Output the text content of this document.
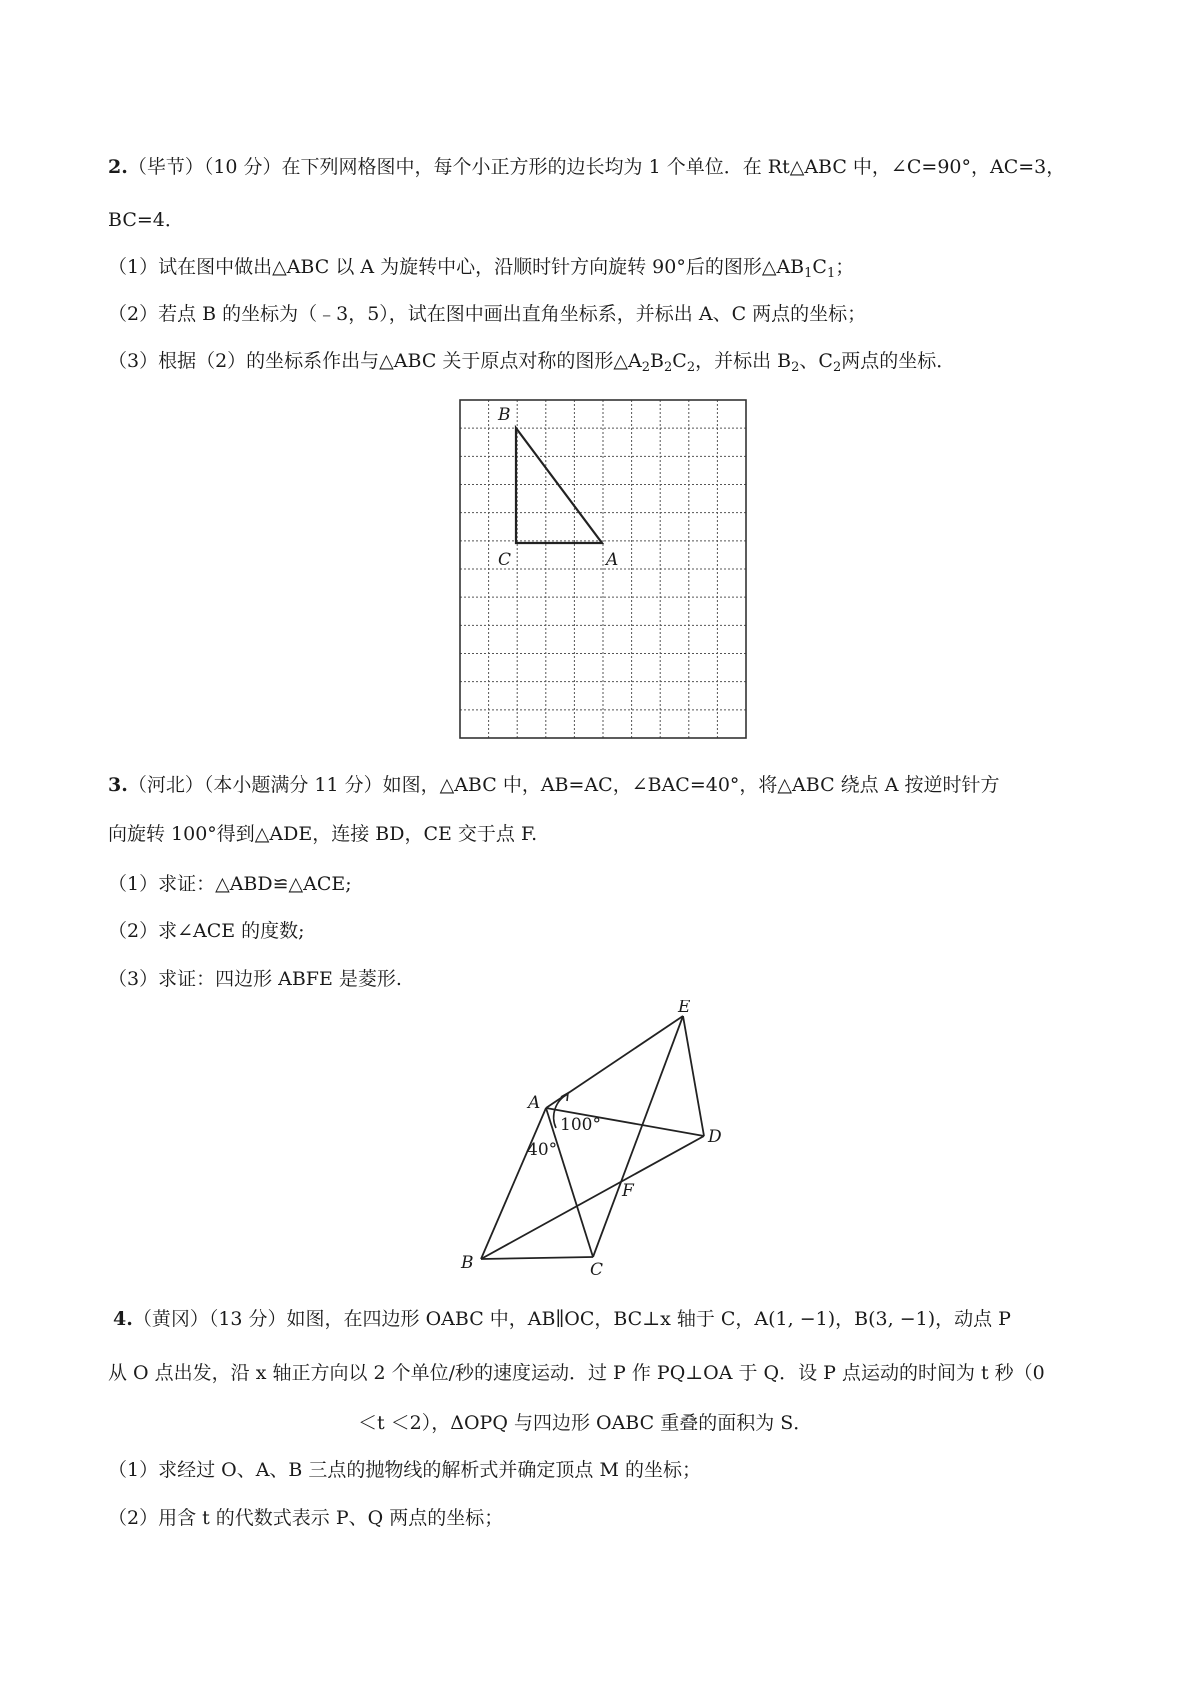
2.（毕节）（10 分）在下列网格图中，每个小正方形的边长均为 1 个单位．在 Rt△ABC 中，∠C=90°，AC=3，
BC=4．
（1）试在图中做出△ABC 以 A 为旋转中心，沿顺时针方向旋转 90°后的图形$\triangle AB_1C_1$；
（2）若点 B 的坐标为（﹣3，5），试在图中画出直角坐标系，并标出 A、C 两点的坐标；
（3）根据（2）的坐标系作出与△ABC 关于原点对称的图形$\triangle A_2B_2C_2$，并标出 $B_2$、$C_2$两点的坐标．
B
C	A
3.（河北）（本小题满分 11 分）如图，△ABC 中，AB=AC，∠BAC=40°，将△ABC 绕点 A 按逆时针方
向旋转 100°得到△ADE，连接 BD，CE 交于点 F.
（1）求证：△ABD≌△ACE;
（2）求∠ACE 的度数;
（3）求证：四边形 ABFE 是菱形.
E
A
D
F
B	C
100°
40°
4.（黄冈）（13 分）如图，在四边形 OABC 中，AB∥OC，BC⊥x 轴于 C，A(1, −1)，B(3, −1)，动点 P
从 O 点出发，沿 x 轴正方向以 2 个单位/秒的速度运动．过 P 作 PQ⊥OA 于 Q．设 P 点运动的时间为 t 秒（0
＜t ＜2），ΔOPQ 与四边形 OABC 重叠的面积为 S．
（1）求经过 O、A、B 三点的抛物线的解析式并确定顶点 M 的坐标；
（2）用含 t 的代数式表示 P、Q 两点的坐标；
